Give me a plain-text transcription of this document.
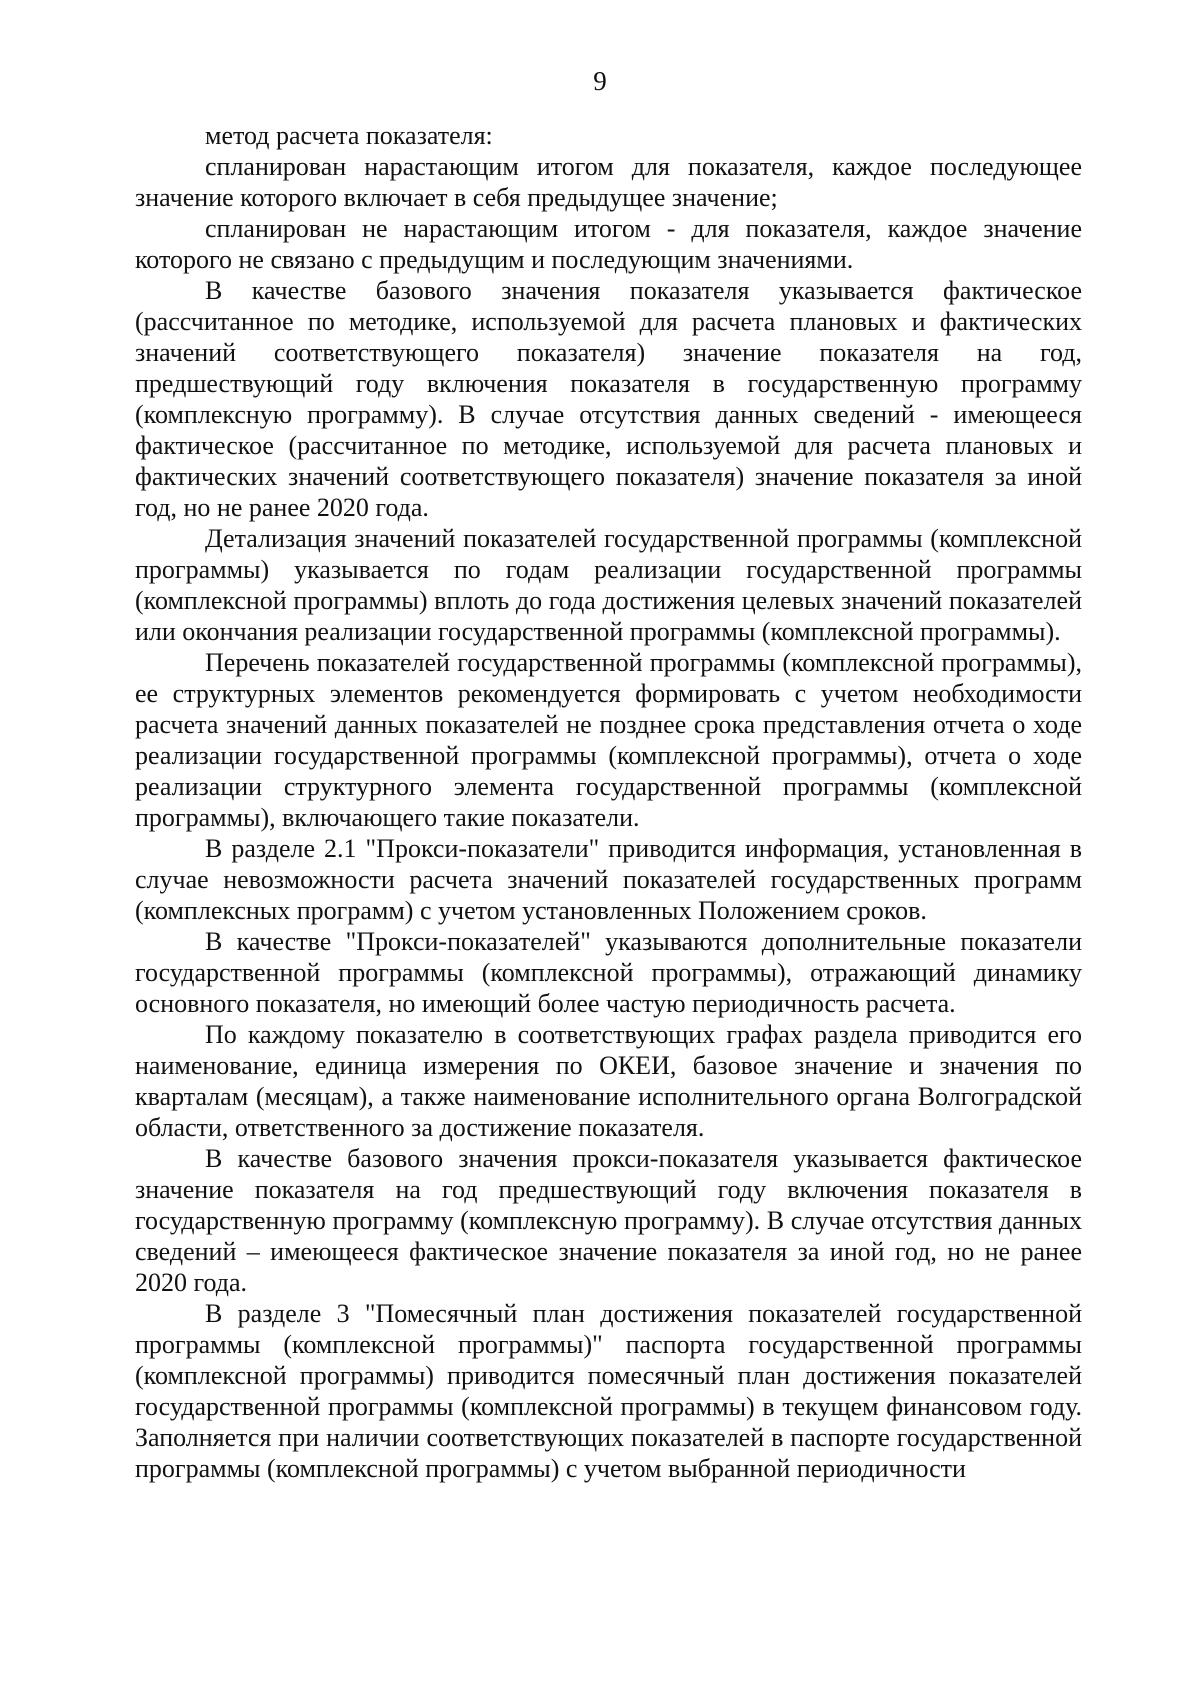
9

метод расчета показателя:

спланирован нарастающим итогом для показателя, каждое последующее значение которого включает в себя предыдущее значение;

спланирован не нарастающим итогом - для показателя, каждое значение которого не связано с предыдущим и последующим значениями.

В качестве базового значения показателя указывается фактическое (рассчитанное по методике, используемой для расчета плановых и фактических значений соответствующего показателя) значение показателя на год, предшествующий году включения показателя в государственную программу (комплексную программу). В случае отсутствия данных сведений - имеющееся фактическое (рассчитанное по методике, используемой для расчета плановых и фактических значений соответствующего показателя) значение показателя за иной год, но не ранее 2020 года.

Детализация значений показателей государственной программы (комплексной программы) указывается по годам реализации государственной программы (комплексной программы) вплоть до года достижения целевых значений показателей или окончания реализации государственной программы (комплексной программы).

Перечень показателей государственной программы (комплексной программы), ее структурных элементов рекомендуется формировать с учетом необходимости расчета значений данных показателей не позднее срока представления отчета о ходе реализации государственной программы (комплексной программы), отчета о ходе реализации структурного элемента государственной программы (комплексной программы), включающего такие показатели.

В разделе 2.1 "Прокси-показатели" приводится информация, установленная в случае невозможности расчета значений показателей государственных программ (комплексных программ) с учетом установленных Положением сроков.

В качестве "Прокси-показателей" указываются дополнительные показатели государственной программы (комплексной программы), отражающий динамику основного показателя, но имеющий более частую периодичность расчета.

По каждому показателю в соответствующих графах раздела приводится его наименование, единица измерения по ОКЕИ, базовое значение и значения по кварталам (месяцам), а также наименование исполнительного органа Волгоградской области, ответственного за достижение показателя.

В качестве базового значения прокси-показателя указывается фактическое значение показателя на год предшествующий году включения показателя в государственную программу (комплексную программу). В случае отсутствия данных сведений – имеющееся фактическое значение показателя за иной год, но не ранее 2020 года.

В разделе 3 "Помесячный план достижения показателей государственной программы (комплексной программы)" паспорта государственной программы (комплексной программы) приводится помесячный план достижения показателей государственной программы (комплексной программы) в текущем финансовом году. Заполняется при наличии соответствующих показателей в паспорте государственной программы (комплексной программы) с учетом выбранной периодичности
